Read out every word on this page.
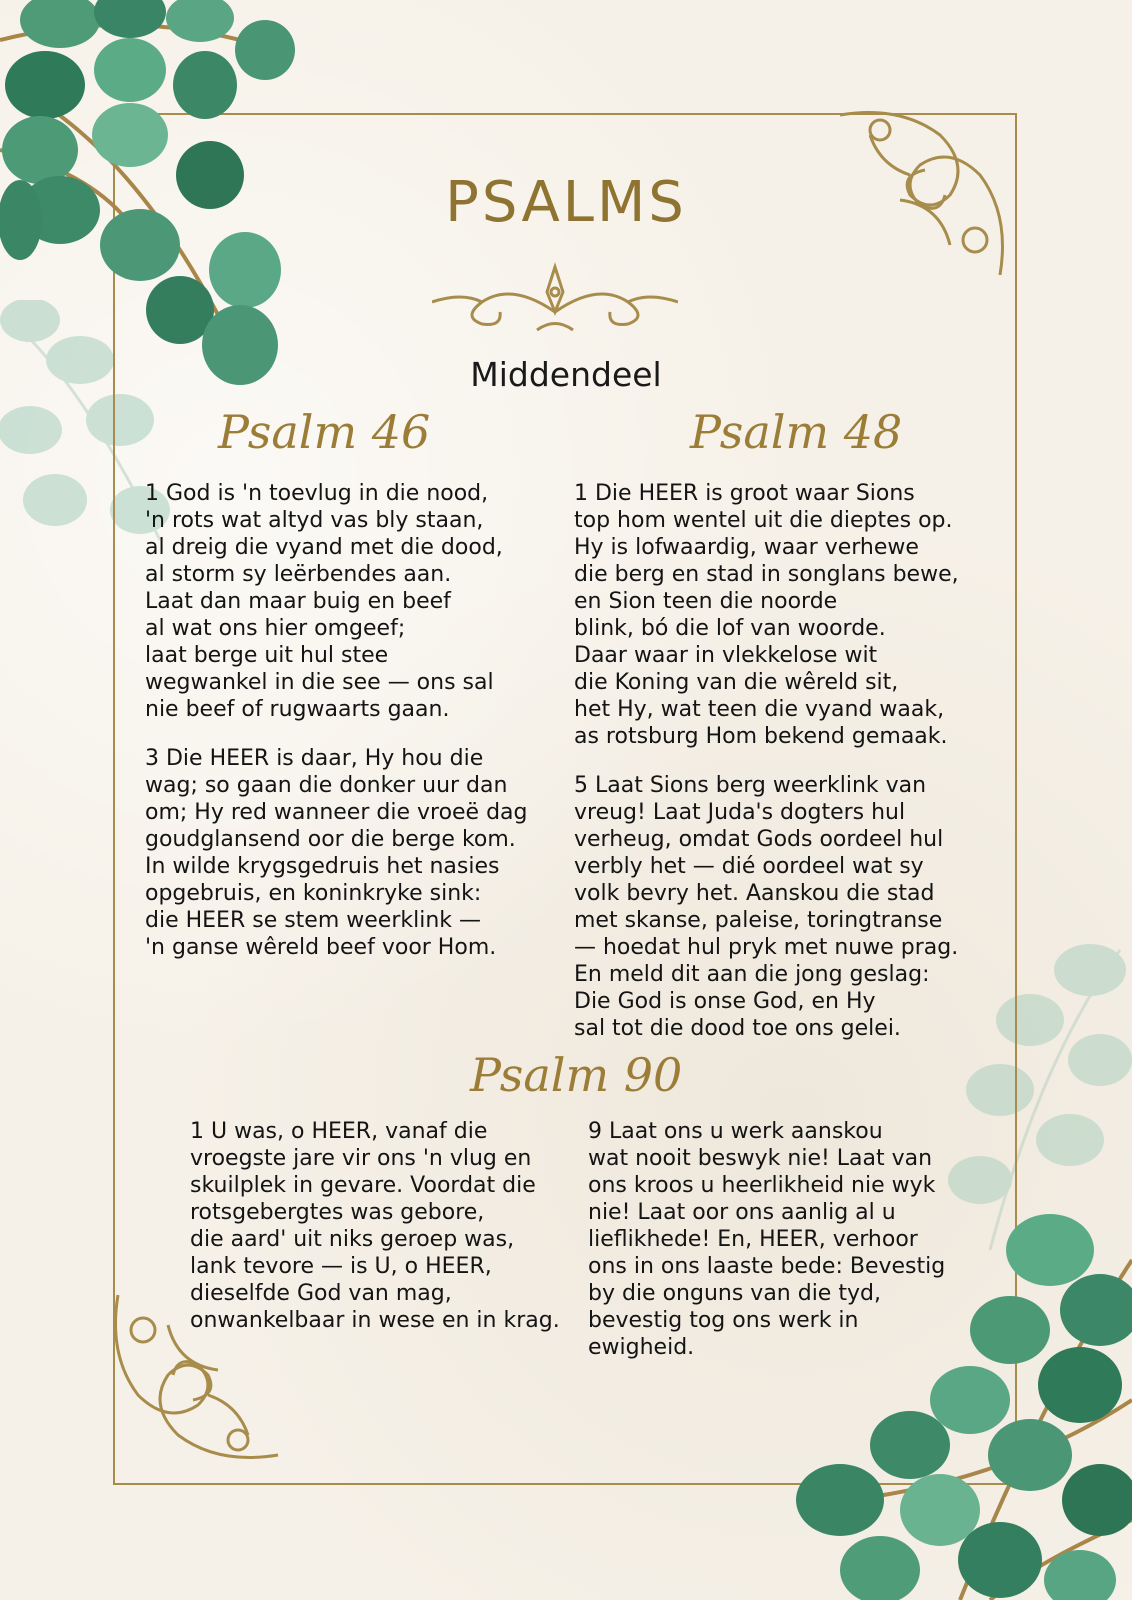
PSALMS
Middendeel
Psalm 46
1 God is 'n toevlug in die nood,
'n rots wat altyd vas bly staan,
al dreig die vyand met die dood,
al storm sy leërbendes aan.
Laat dan maar buig en beef
al wat ons hier omgeef;
laat berge uit hul stee
wegwankel in die see — ons sal
nie beef of rugwaarts gaan.
3 Die HEER is daar, Hy hou die
wag; so gaan die donker uur dan
om; Hy red wanneer die vroeë dag
goudglansend oor die berge kom.
In wilde krygsgedruis het nasies
opgebruis, en koninkryke sink:
die HEER se stem weerklink —
'n ganse wêreld beef voor Hom.
Psalm 48
1 Die HEER is groot waar Sions
top hom wentel uit die dieptes op.
Hy is lofwaardig, waar verhewe
die berg en stad in songlans bewe,
en Sion teen die noorde
blink, bó die lof van woorde.
Daar waar in vlekkelose wit
die Koning van die wêreld sit,
het Hy, wat teen die vyand waak,
as rotsburg Hom bekend gemaak.
5 Laat Sions berg weerklink van
vreug! Laat Juda's dogters hul
verheug, omdat Gods oordeel hul
verbly het — dié oordeel wat sy
volk bevry het. Aanskou die stad
met skanse, paleise, toringtranse
— hoedat hul pryk met nuwe prag.
En meld dit aan die jong geslag:
Die God is onse God, en Hy
sal tot die dood toe ons gelei.
Psalm 90
1 U was, o HEER, vanaf die
vroegste jare vir ons 'n vlug en
skuilplek in gevare. Voordat die
rotsgebergtes was gebore,
die aard' uit niks geroep was,
lank tevore — is U, o HEER,
dieselfde God van mag,
onwankelbaar in wese en in krag.
9 Laat ons u werk aanskou
wat nooit beswyk nie! Laat van
ons kroos u heerlikheid nie wyk
nie! Laat oor ons aanlig al u
lieflikhede! En, HEER, verhoor
ons in ons laaste bede: Bevestig
by die onguns van die tyd,
bevestig tog ons werk in
ewigheid.
